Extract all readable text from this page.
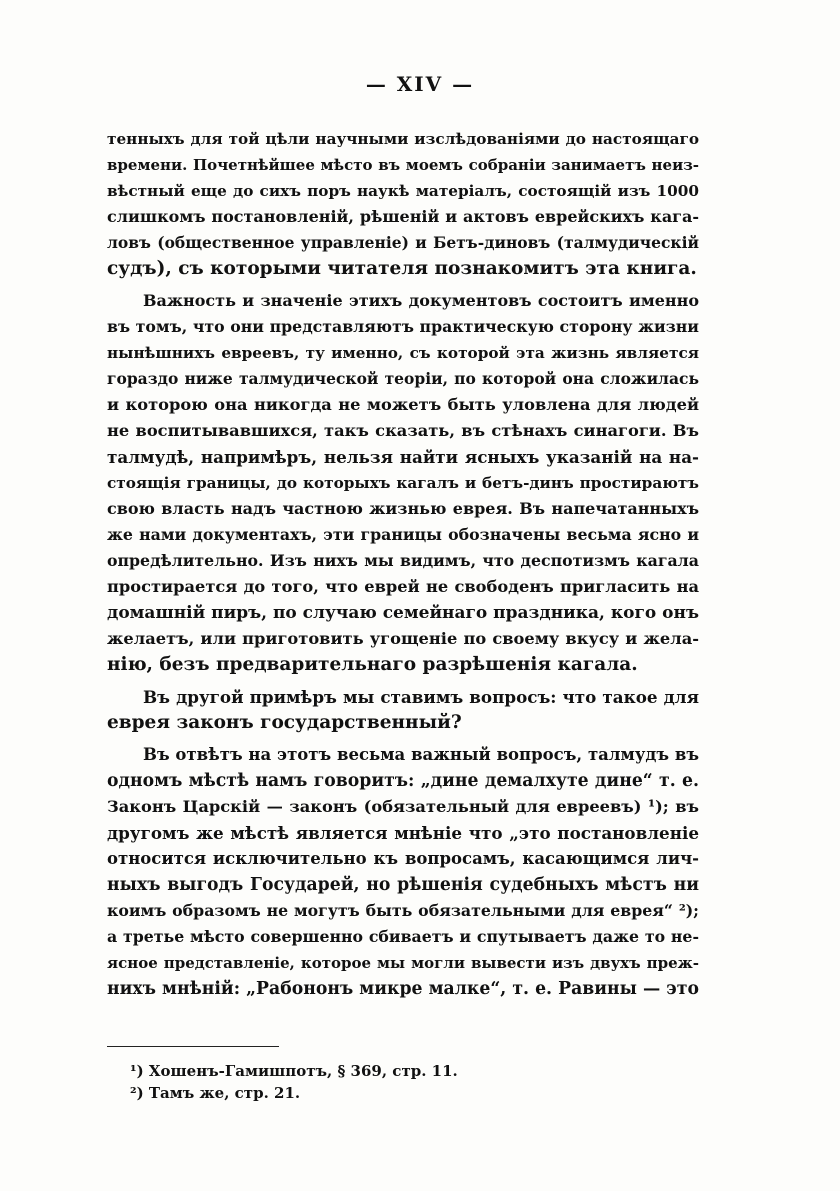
— XIV —
тенныхъ для той цѣли научными изслѣдованіями до настоящаго
времени. Почетнѣйшее мѣсто въ моемъ собраніи занимаетъ неиз-
вѣстный еще до сихъ поръ наукѣ матеріалъ, состоящій изъ 1000
слишкомъ постановленій, рѣшеній и актовъ еврейскихъ кага-
ловъ (общественное управленіе) и Бетъ-диновъ (талмудическій
судъ), съ которыми читателя познакомитъ эта книга.
Важность и значеніе этихъ документовъ состоитъ именно
въ томъ, что они представляютъ практическую сторону жизни
нынѣшнихъ евреевъ, ту именно, съ которой эта жизнь является
гораздо ниже талмудической теоріи, по которой она сложилась
и которою она никогда не можетъ быть уловлена для людей
не воспитывавшихся, такъ сказать, въ стѣнахъ синагоги. Въ
талмудѣ, напримѣръ, нельзя найти ясныхъ указаній на на-
стоящія границы, до которыхъ кагалъ и бетъ-динъ простираютъ
свою власть надъ частною жизнью еврея. Въ напечатанныхъ
же нами документахъ, эти границы обозначены весьма ясно и
опредѣлительно. Изъ нихъ мы видимъ, что деспотизмъ кагала
простирается до того, что еврей не свободенъ пригласить на
домашній пиръ, по случаю семейнаго праздника, кого онъ
желаетъ, или приготовить угощеніе по своему вкусу и жела-
нію, безъ предварительнаго разрѣшенія кагала.
Въ другой примѣръ мы ставимъ вопросъ: что такое для
еврея законъ государственный?
Въ отвѣтъ на этотъ весьма важный вопросъ, талмудъ въ
одномъ мѣстѣ намъ говоритъ: „дине демалхуте дине“ т. е.
Законъ Царскій — законъ (обязательный для евреевъ) ¹); въ
другомъ же мѣстѣ является мнѣніе что „это постановленіе
относится исключительно къ вопросамъ, касающимся лич-
ныхъ выгодъ Государей, но рѣшенія судебныхъ мѣстъ ни
коимъ образомъ не могутъ быть обязательными для еврея“ ²);
а третье мѣсто совершенно сбиваетъ и спутываетъ даже то не-
ясное представленіе, которое мы могли вывести изъ двухъ преж-
нихъ мнѣній: „Рабононъ микре малке“, т. е. Равины — это
¹) Хошенъ-Гамишпотъ, § 369, стр. 11.
²) Тамъ же, стр. 21.
